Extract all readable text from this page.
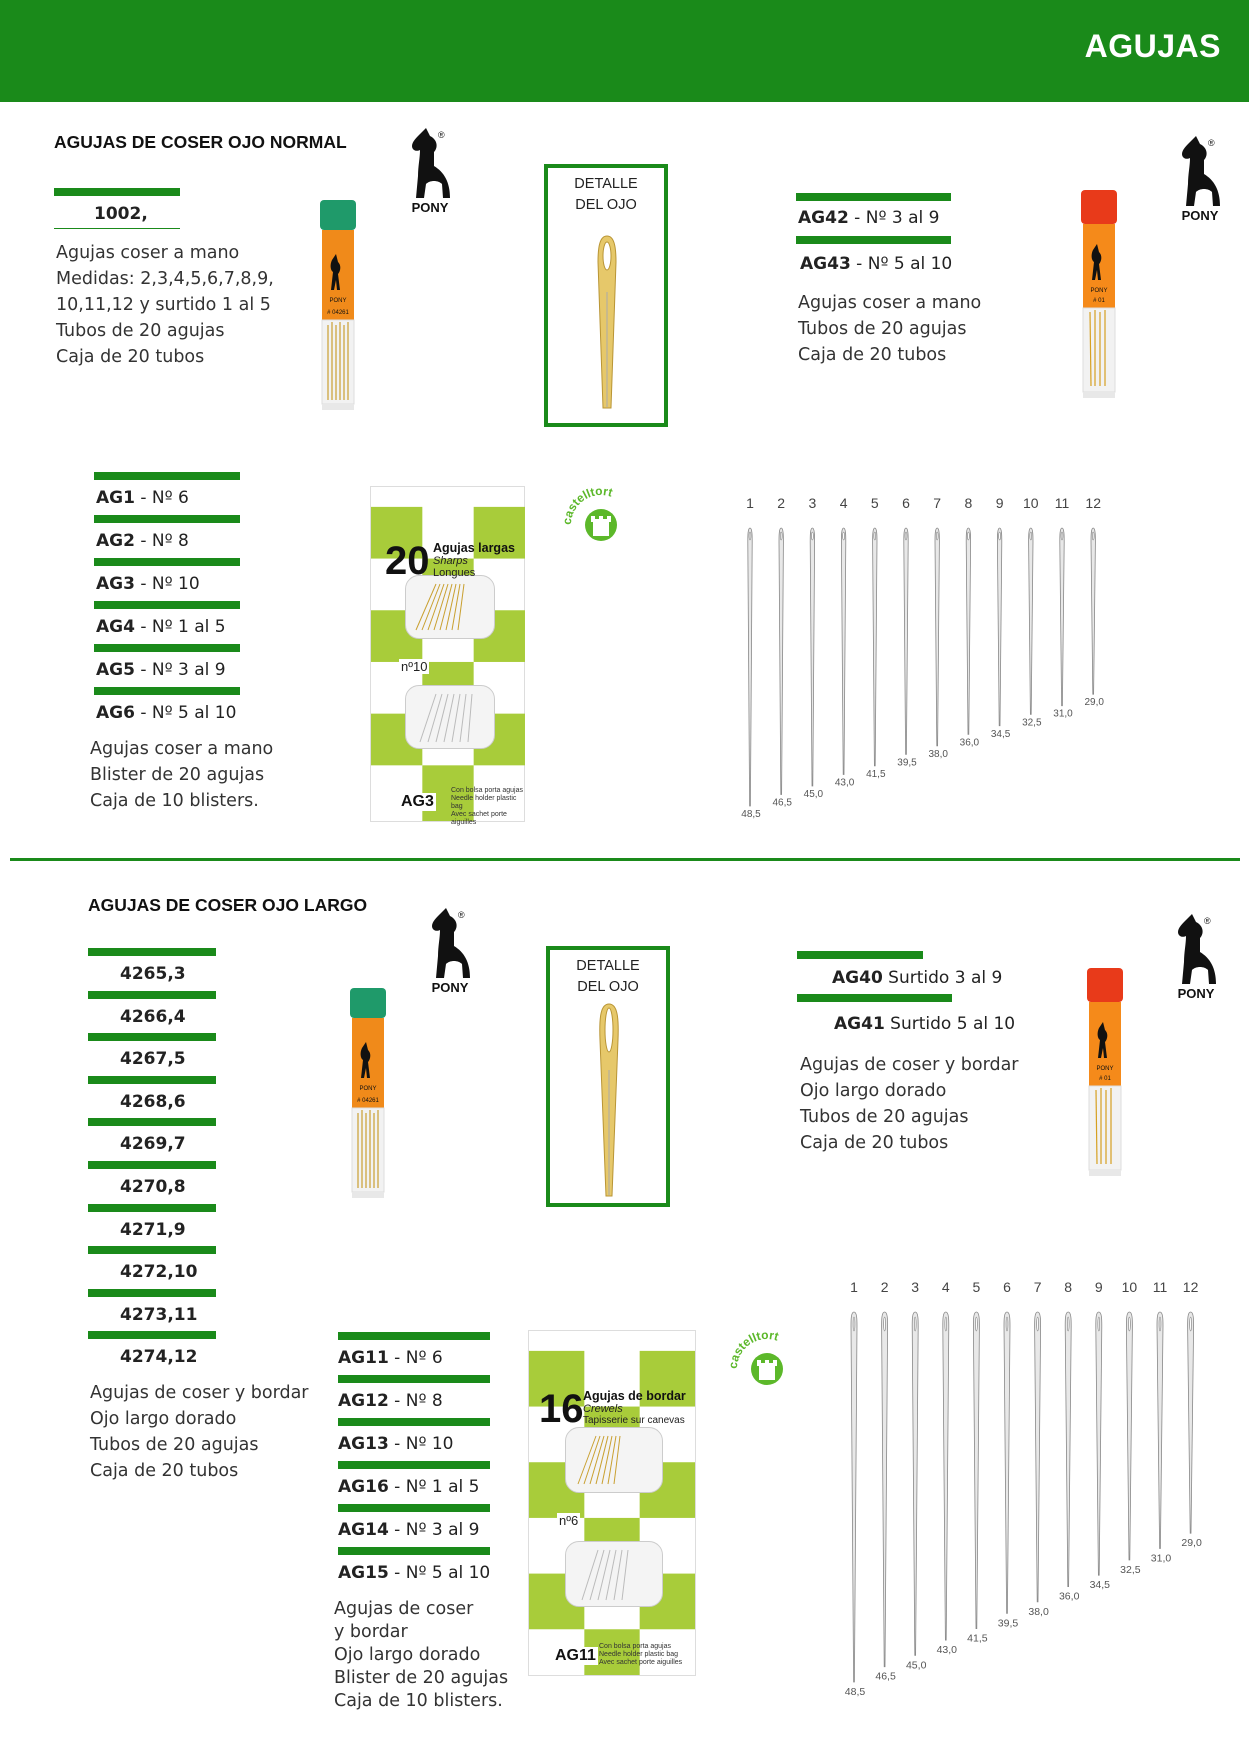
AGUJAS
AGUJAS DE COSER OJO NORMAL
PONY
®
1002,
Agujas coser a mano
Medidas: 2,3,4,5,6,7,8,9,
10,11,12 y surtido 1 al 5
Tubos de 20 agujas
Caja de 20 tubos
PONY
# 04261
DETALLE
DEL OJO
AG42 - Nº 3 al 9
AG43 - Nº 5 al 10
Agujas coser a mano
Tubos de 20 agujas
Caja de 20 tubos
PONY
# 01
PONY
®
AG1 - Nº 6
AG2 - Nº 8
AG3 - Nº 10
AG4 - Nº 1 al 5
AG5 - Nº 3 al 9
AG6 - Nº 5 al 10
Agujas coser a mano
Blister de 20 agujas
Caja de 10 blisters.
20 Agujas largas
Sharps
Longues
nº10
AG3
Con bolsa porta agujas
Needle holder plastic bag
Avec sachet porte aiguilles
castelltort
1
48,5
2
46,5
3
45,0
4
43,0
5
41,5
6
39,5
7
38,0
8
36,0
9
34,5
10
32,5
11
31,0
12
29,0
AGUJAS DE COSER OJO LARGO
PONY
®
4265,3
4266,4
4267,5
4268,6
4269,7
4270,8
4271,9
4272,10
4273,11
4274,12
Agujas de coser y bordar
Ojo largo dorado
Tubos de 20 agujas
Caja de 20 tubos
PONY
# 04261
DETALLE
DEL OJO	AG40 Surtido 3 al 9
AG41 Surtido 5 al 10
Agujas de coser y bordar
Ojo largo dorado
Tubos de 20 agujas
Caja de 20 tubos
PONY
# 01
PONY
®
AG11 - Nº 6
AG12 - Nº 8
AG13 - Nº 10
AG16 - Nº 1 al 5
AG14 - Nº 3 al 9
AG15 - Nº 5 al 10
Agujas de coser
y bordar
Ojo largo dorado
Blister de 20 agujas
Caja de 10 blisters.
16 Agujas de bordar
Crewels
Tapisserie sur canevas
nº6
AG11
Con bolsa porta agujas
Needle holder plastic bag
Avec sachet porte aiguilles
castelltort
1
48,5
2
46,5
3
45,0
4
43,0
5
41,5
6
39,5
7
38,0
8
36,0
9
34,5
10
32,5
11
31,0
12
29,0
